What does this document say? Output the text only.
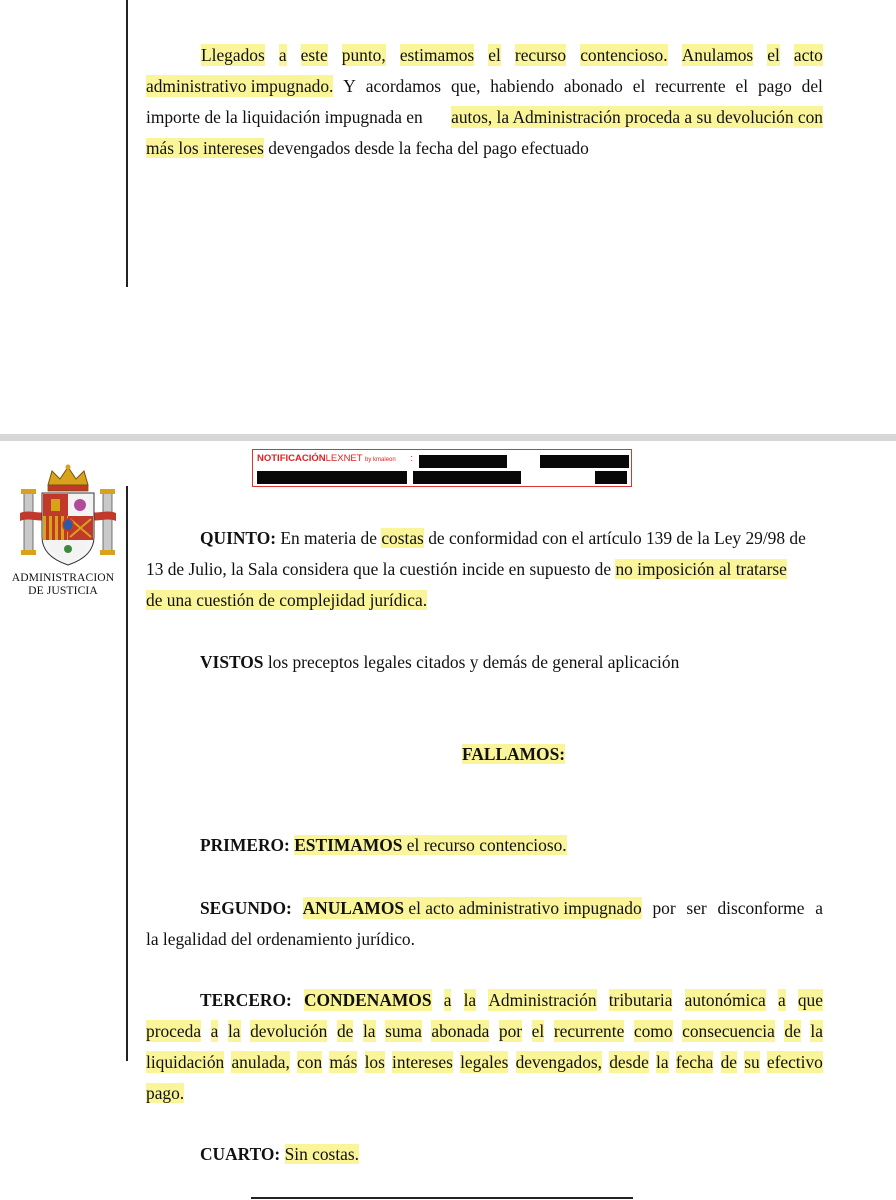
Llegados a este punto, estimamos el recurso contencioso. Anulamos el acto
administrativo impugnado. Y acordamos que, habiendo abonado el recurrente el pago del
importe de la liquidación impugnada en autos, la Administración proceda a su devolución con
más los intereses devengados desde la fecha del pago efectuado
ADMINISTRACION
DE JUSTICIA
NOTIFICACIÓNLEXNET by kmaleon :
QUINTO: En materia de costas de conformidad con el artículo 139 de la Ley 29/98 de
13 de Julio, la Sala considera que la cuestión incide en supuesto de no imposición al tratarse
de una cuestión de complejidad jurídica.
VISTOS los preceptos legales citados y demás de general aplicación
FALLAMOS:
PRIMERO: ESTIMAMOS el recurso contencioso.
SEGUNDO: ANULAMOS el acto administrativo impugnado por ser disconforme a
la legalidad del ordenamiento jurídico.
TERCERO: CONDENAMOS a la Administración tributaria autonómica a que
proceda a la devolución de la suma abonada por el recurrente como consecuencia de la
liquidación anulada, con más los intereses legales devengados, desde la fecha de su efectivo
pago.
CUARTO: Sin costas.
